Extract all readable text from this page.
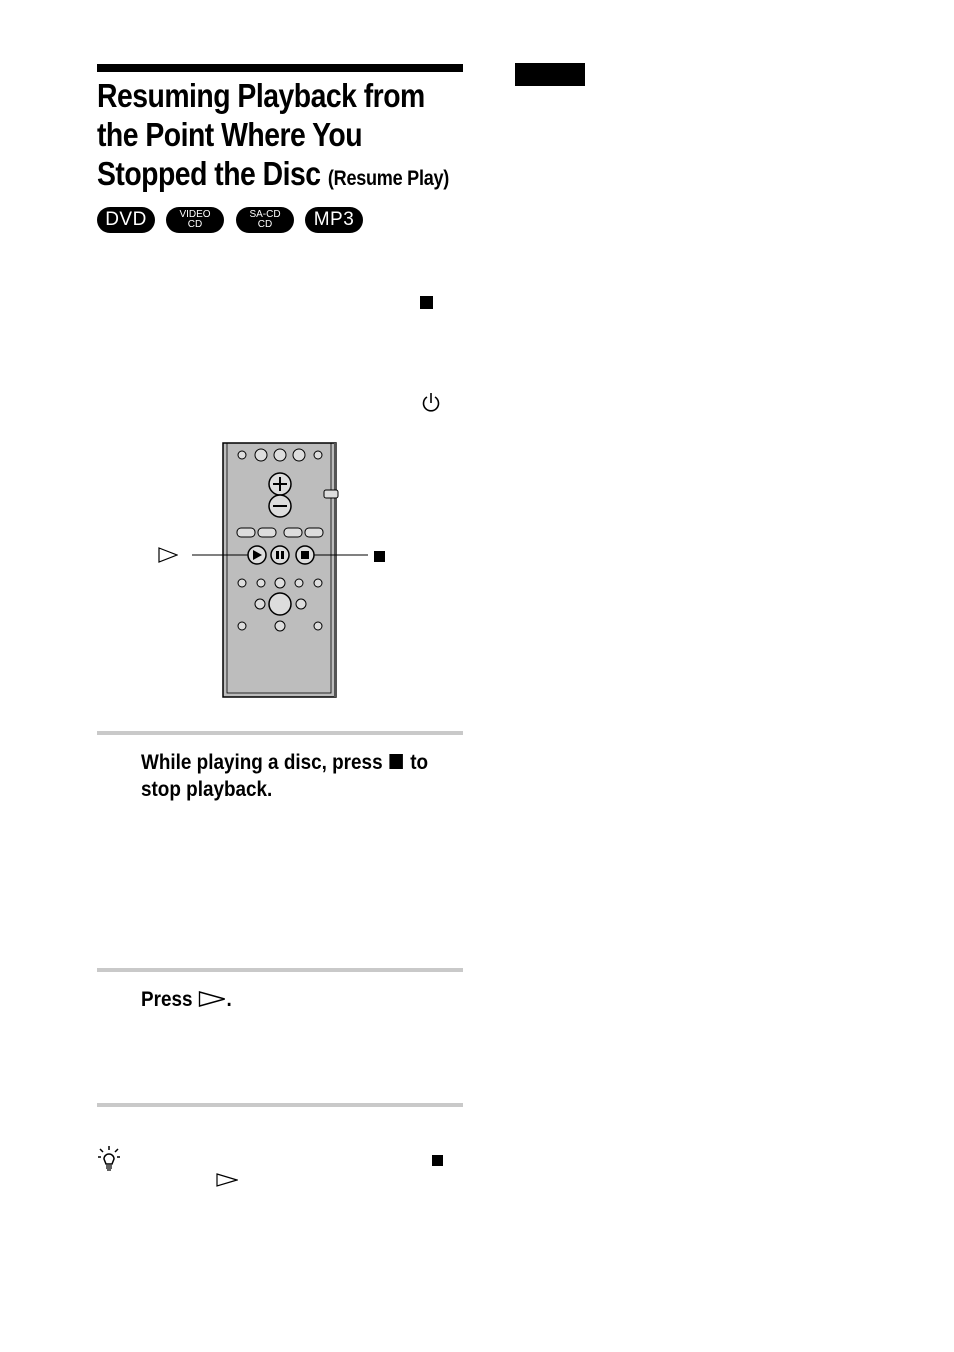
Resuming Playback from
the Point Where You
Stopped the Disc (Resume Play)
DVD	VIDEO
CD
SA-CD
CD MP3
While playing a disc, press to stop playback.
Press .
